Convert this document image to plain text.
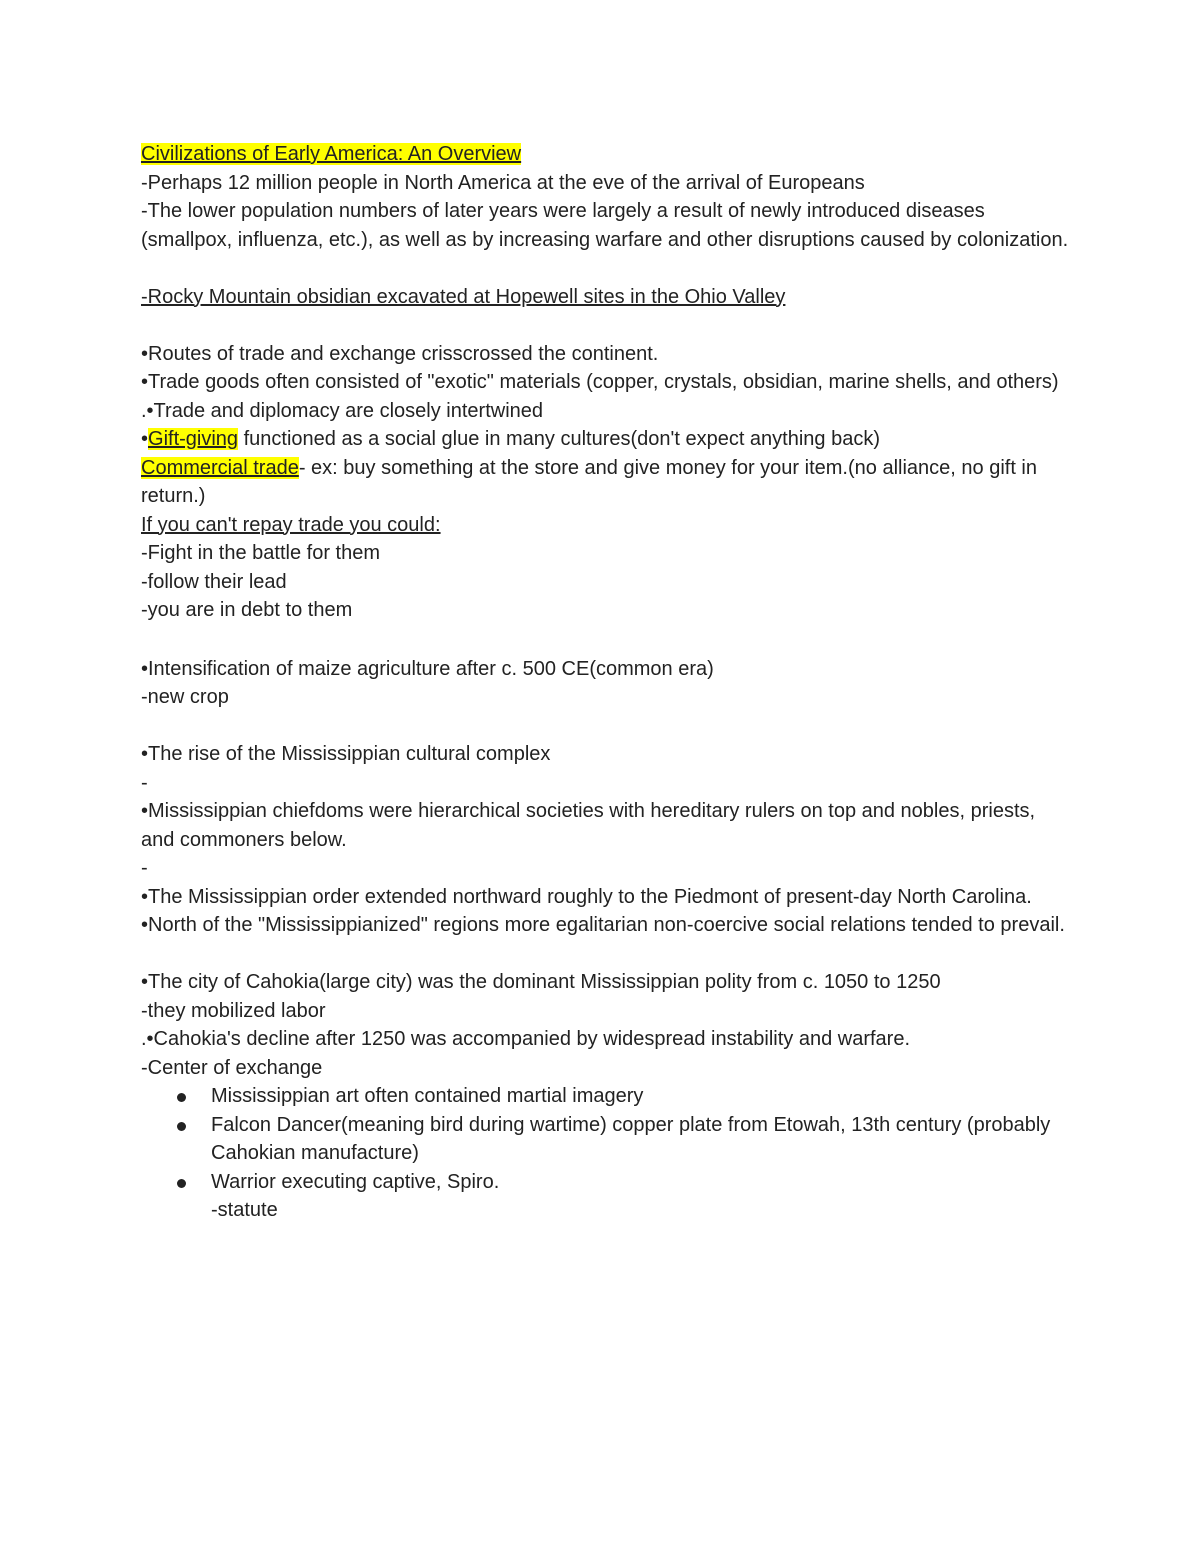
Civilizations of Early America: An Overview
-Perhaps 12 million people in North America at the eve of the arrival of Europeans
-The lower population numbers of later years were largely a result of newly introduced diseases (smallpox, influenza, etc.), as well as by increasing warfare and other disruptions caused by colonization.
-Rocky Mountain obsidian excavated at Hopewell sites in the Ohio Valley
•Routes of trade and exchange crisscrossed the continent.
•Trade goods often consisted of "exotic" materials (copper, crystals, obsidian, marine shells, and others)
.•Trade and diplomacy are closely intertwined
•Gift-giving functioned as a social glue in many cultures(don't expect anything back)
Commercial trade- ex: buy something at the store and give money for your item.(no alliance, no gift in return.)
If you can't repay trade you could:
-Fight in the battle for them
-follow their lead
-you are in debt to them
•Intensification of maize agriculture after c. 500 CE(common era)
-new crop
•The rise of the Mississippian cultural complex
-
•Mississippian chiefdoms were hierarchical societies with hereditary rulers on top and nobles, priests, and commoners below.
-
•The Mississippian order extended northward roughly to the Piedmont of present-day North Carolina.
•North of the "Mississippianized" regions more egalitarian non-coercive social relations tended to prevail.
•The city of Cahokia(large city) was the dominant Mississippian polity from c. 1050 to 1250
-they mobilized labor
.•Cahokia's decline after 1250 was accompanied by widespread instability and warfare.
-Center of exchange
Mississippian art often contained martial imagery
Falcon Dancer(meaning bird during wartime) copper plate from Etowah, 13th century (probably Cahokian manufacture)
Warrior executing captive, Spiro.
-statute
